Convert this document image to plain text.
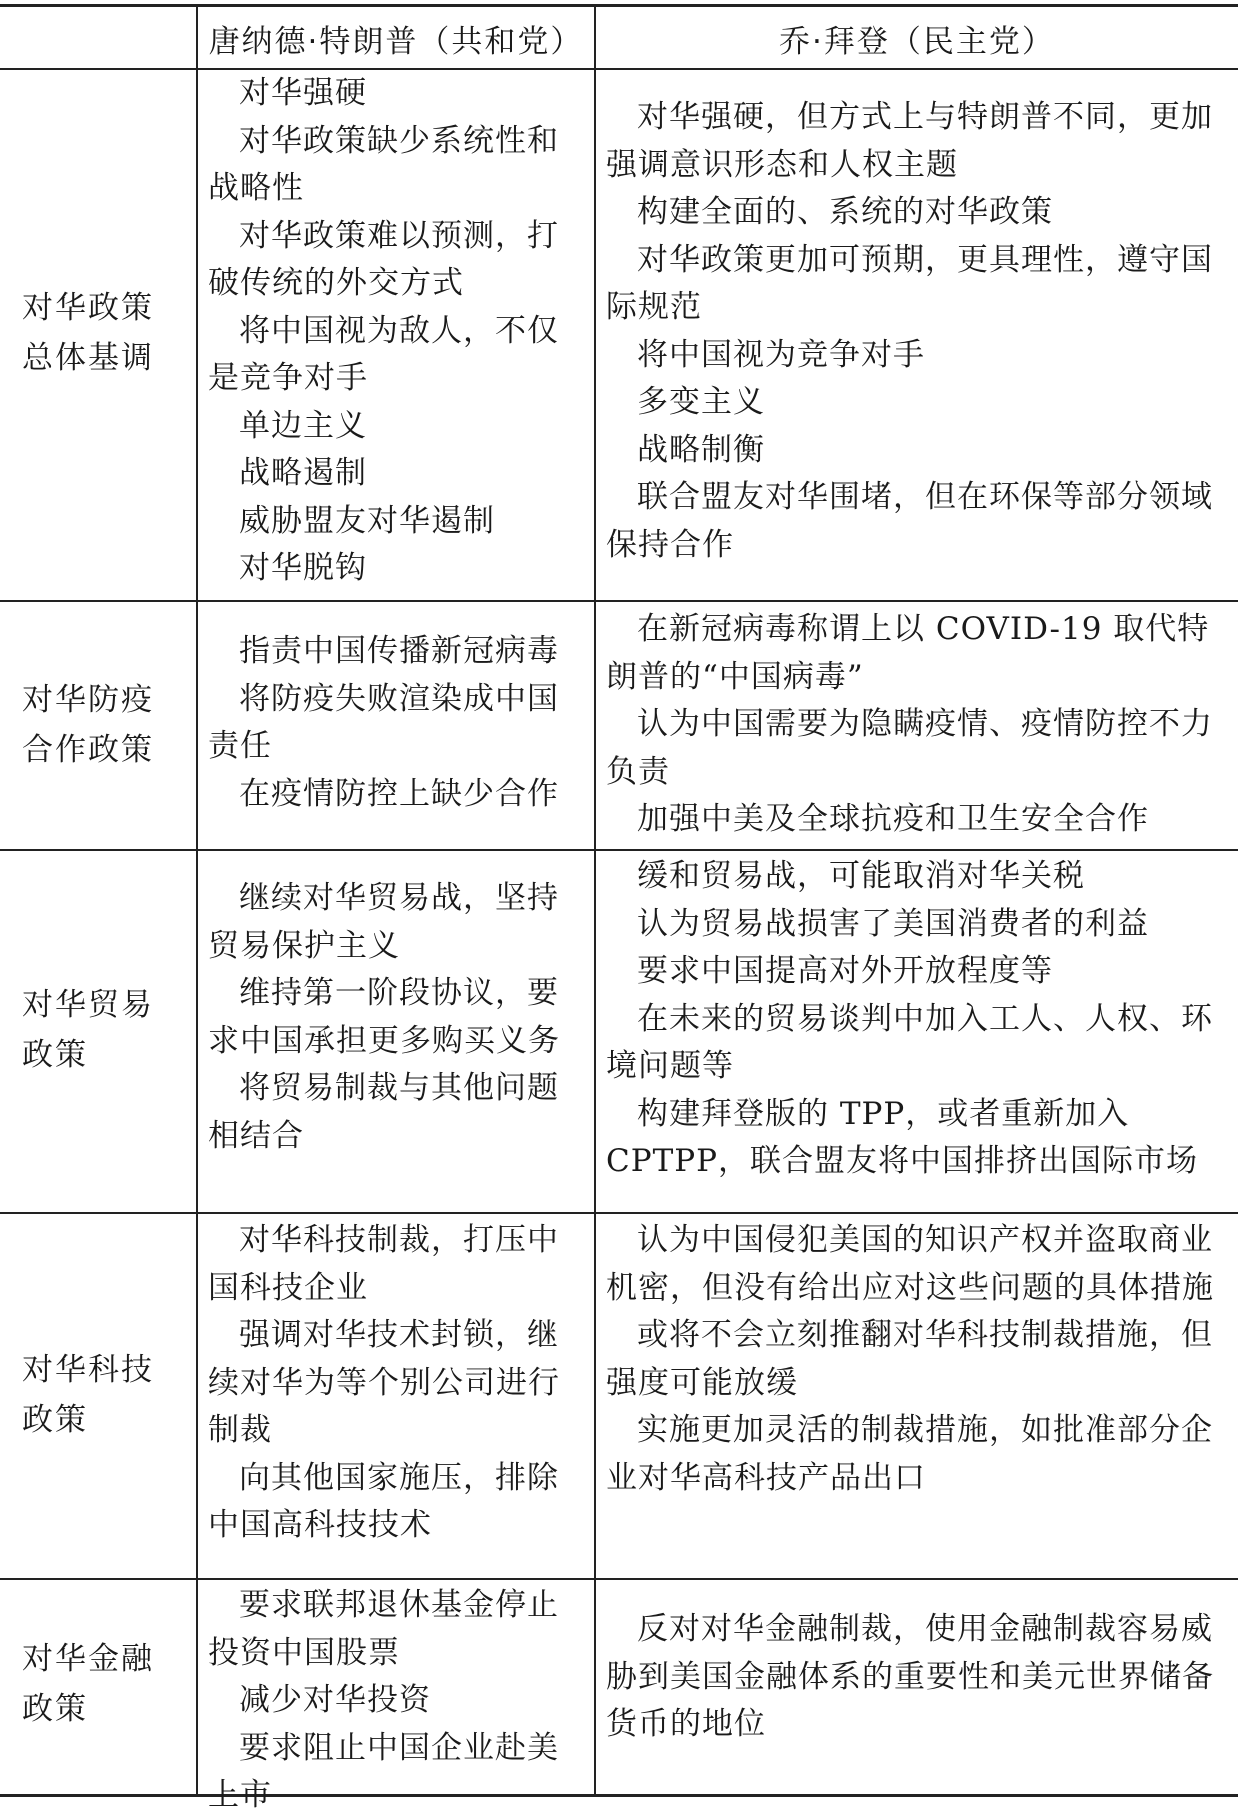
唐纳德·特朗普（共和党）	乔·拜登（民主党）
对华政策
总体基调

对华强硬

对华政策缺少系统性和战略性

对华政策难以预测，打破传统的外交方式

将中国视为敌人，不仅是竞争对手

单边主义

战略遏制

威胁盟友对华遏制

对华脱钩

对华强硬，但方式上与特朗普不同，更加强调意识形态和人权主题

构建全面的、系统的对华政策

对华政策更加可预期，更具理性，遵守国际规范

将中国视为竞争对手

多变主义

战略制衡

联合盟友对华围堵，但在环保等部分领域保持合作

对华防疫
合作政策

指责中国传播新冠病毒

将防疫失败渲染成中国责任

在疫情防控上缺少合作

在新冠病毒称谓上以 COVID-19 取代特朗普的“中国病毒”

认为中国需要为隐瞒疫情、疫情防控不力负责

加强中美及全球抗疫和卫生安全合作

对华贸易
政策

继续对华贸易战，坚持贸易保护主义

维持第一阶段协议，要求中国承担更多购买义务

将贸易制裁与其他问题相结合

缓和贸易战，可能取消对华关税

认为贸易战损害了美国消费者的利益

要求中国提高对外开放程度等

在未来的贸易谈判中加入工人、人权、环境问题等

构建拜登版的 TPP，或者重新加入 CPTPP，联合盟友将中国排挤出国际市场

对华科技
政策

对华科技制裁，打压中国科技企业

强调对华技术封锁，继续对华为等个别公司进行制裁

向其他国家施压，排除中国高科技技术

认为中国侵犯美国的知识产权并盗取商业机密，但没有给出应对这些问题的具体措施

或将不会立刻推翻对华科技制裁措施，但强度可能放缓

实施更加灵活的制裁措施，如批准部分企业对华高科技产品出口

对华金融
政策

要求联邦退休基金停止投资中国股票

减少对华投资

要求阻止中国企业赴美上市

反对对华金融制裁，使用金融制裁容易威胁到美国金融体系的重要性和美元世界储备货币的地位
